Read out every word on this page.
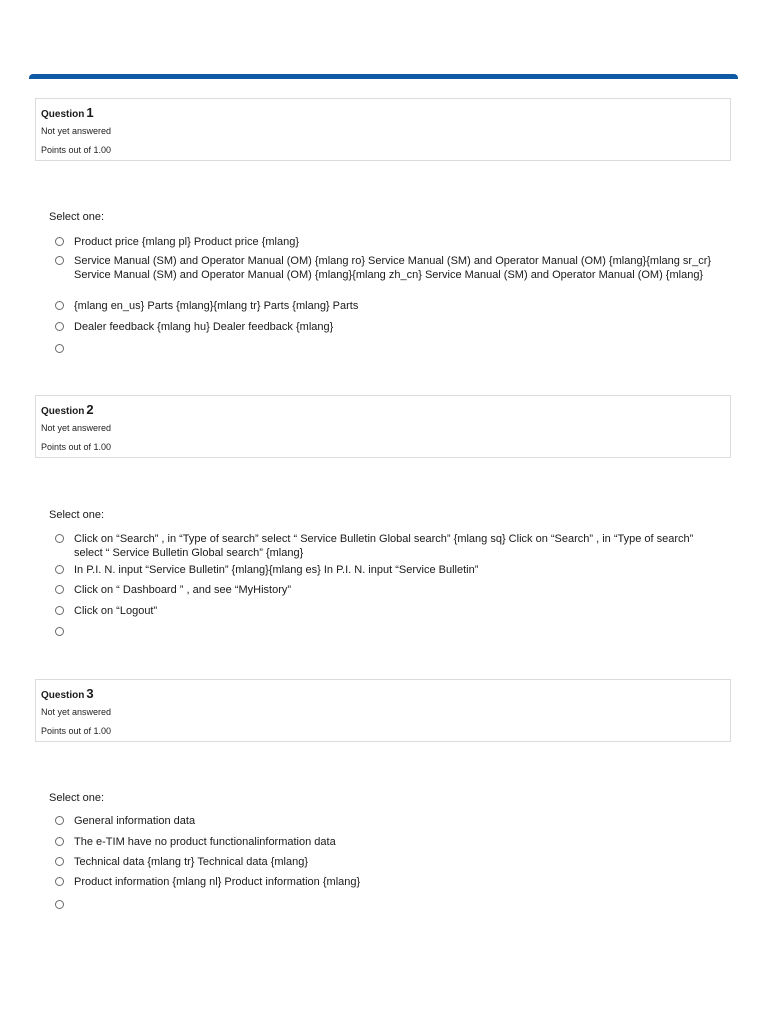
Question 1
Not yet answered
Points out of 1.00
Select one:
Product price {mlang pl} Product price {mlang}
Service Manual (SM) and Operator Manual (OM) {mlang ro} Service Manual (SM) and Operator Manual (OM) {mlang}{mlang sr_cr} Service Manual (SM) and Operator Manual (OM) {mlang}{mlang zh_cn} Service Manual (SM) and Operator Manual (OM) {mlang}
{mlang en_us} Parts {mlang}{mlang tr} Parts {mlang} Parts
Dealer feedback {mlang hu} Dealer feedback {mlang}
Question 2
Not yet answered
Points out of 1.00
Select one:
Click on “Search” , in “Type of search” select “ Service Bulletin Global search” {mlang sq} Click on “Search” , in “Type of search” select “ Service Bulletin Global search” {mlang}
In P.I. N. input “Service Bulletin” {mlang}{mlang es} In P.I. N. input “Service Bulletin”
Click on “ Dashboard ” , and see “MyHistory”
Click on “Logout”
Question 3
Not yet answered
Points out of 1.00
Select one:
General information data
The e-TIM have no product functionalinformation data
Technical data {mlang tr} Technical data {mlang}
Product information {mlang nl} Product information {mlang}
